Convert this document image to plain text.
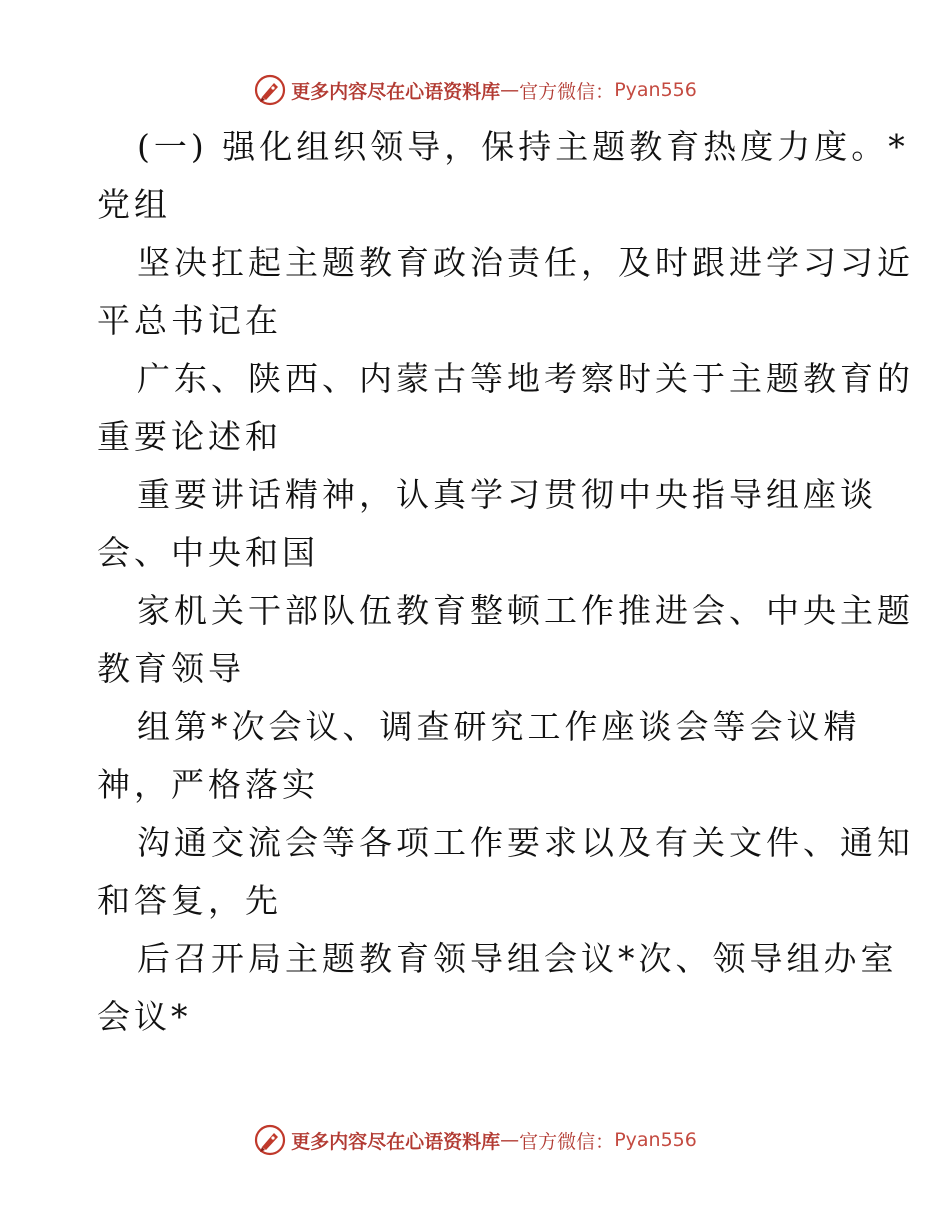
更多内容尽在心语资料库 — 官方微信： Pyan556
(一) 强化组织领导，保持主题教育热度力度。*
党组
坚决扛起主题教育政治责任，及时跟进学习习近
平总书记在
广东、陕西、内蒙古等地考察时关于主题教育的
重要论述和
重要讲话精神，认真学习贯彻中央指导组座谈
会、中央和国
家机关干部队伍教育整顿工作推进会、中央主题
教育领导
组第*次会议、调查研究工作座谈会等会议精
神，严格落实
沟通交流会等各项工作要求以及有关文件、通知
和答复，先
后召开局主题教育领导组会议*次、领导组办室
会议*
更多内容尽在心语资料库 — 官方微信： Pyan556
